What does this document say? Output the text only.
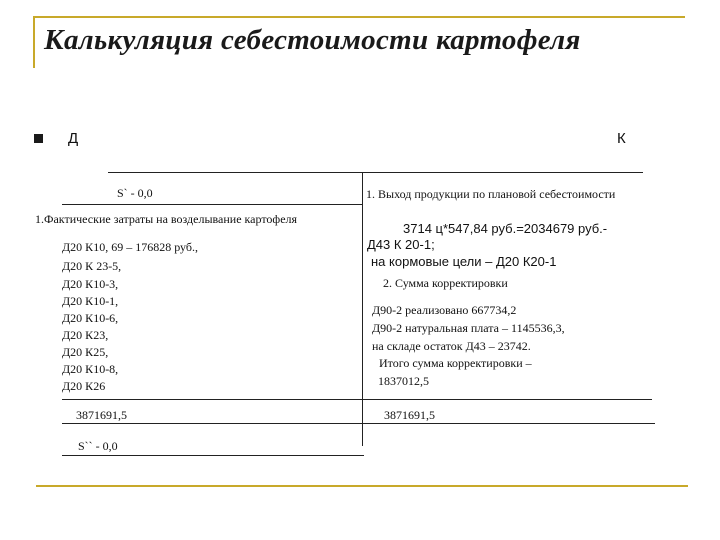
Калькуляция себестоимости картофеля
Д	К
S` - 0,0
1.Фактические затраты на возделывание картофеля
Д20 К10, 69 – 176828 руб.,
Д20 К 23-5,
Д20 К10-3,
Д20 К10-1,
Д20 К10-6,
Д20 К23,
Д20 К25,
Д20 К10-8,
Д20 К26
3871691,5
S`` - 0,0
1. Выход продукции по плановой себестоимости
3714 ц*547,84 руб.=2034679 руб.-
Д43 К 20-1;
на кормовые цели – Д20 К20-1
2. Сумма корректировки
Д90-2 реализовано 667734,2
Д90-2 натуральная плата – 1145536,3,
на складе остаток Д43 – 23742.
Итого сумма корректировки –
1837012,5
3871691,5
